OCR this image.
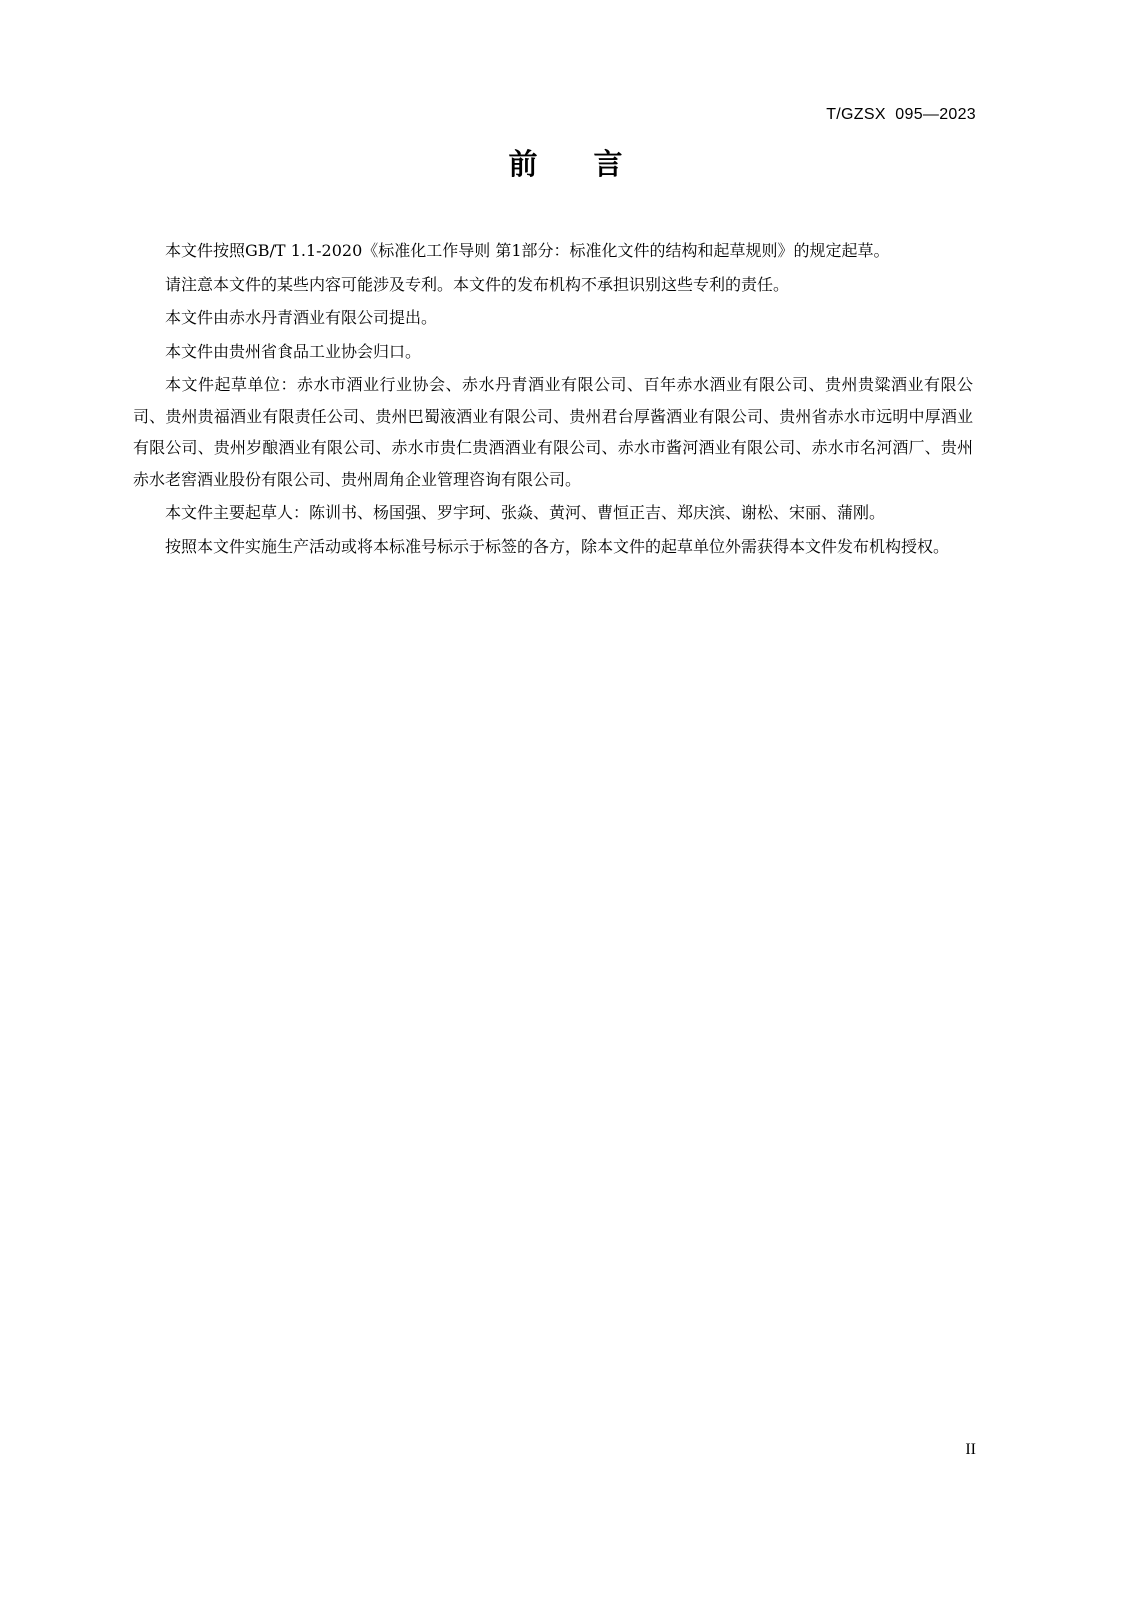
T/GZSX  095—2023
前言

本文件按照GB/T 1.1-2020《标准化工作导则 第1部分：标准化文件的结构和起草规则》的规定起草。

请注意本文件的某些内容可能涉及专利。本文件的发布机构不承担识别这些专利的责任。

本文件由赤水丹青酒业有限公司提出。

本文件由贵州省食品工业协会归口。

本文件起草单位：赤水市酒业行业协会、赤水丹青酒业有限公司、百年赤水酒业有限公司、贵州贵粱酒业有限公司、贵州贵福酒业有限责任公司、贵州巴蜀液酒业有限公司、贵州君台厚酱酒业有限公司、贵州省赤水市远明中厚酒业有限公司、贵州岁酿酒业有限公司、赤水市贵仁贵酒酒业有限公司、赤水市酱河酒业有限公司、赤水市名河酒厂、贵州赤水老窖酒业股份有限公司、贵州周角企业管理咨询有限公司。

本文件主要起草人：陈训书、杨国强、罗宇珂、张焱、黄河、曹恒正吉、郑庆滨、谢松、宋丽、蒲刚。

按照本文件实施生产活动或将本标准号标示于标签的各方，除本文件的起草单位外需获得本文件发布机构授权。

II
